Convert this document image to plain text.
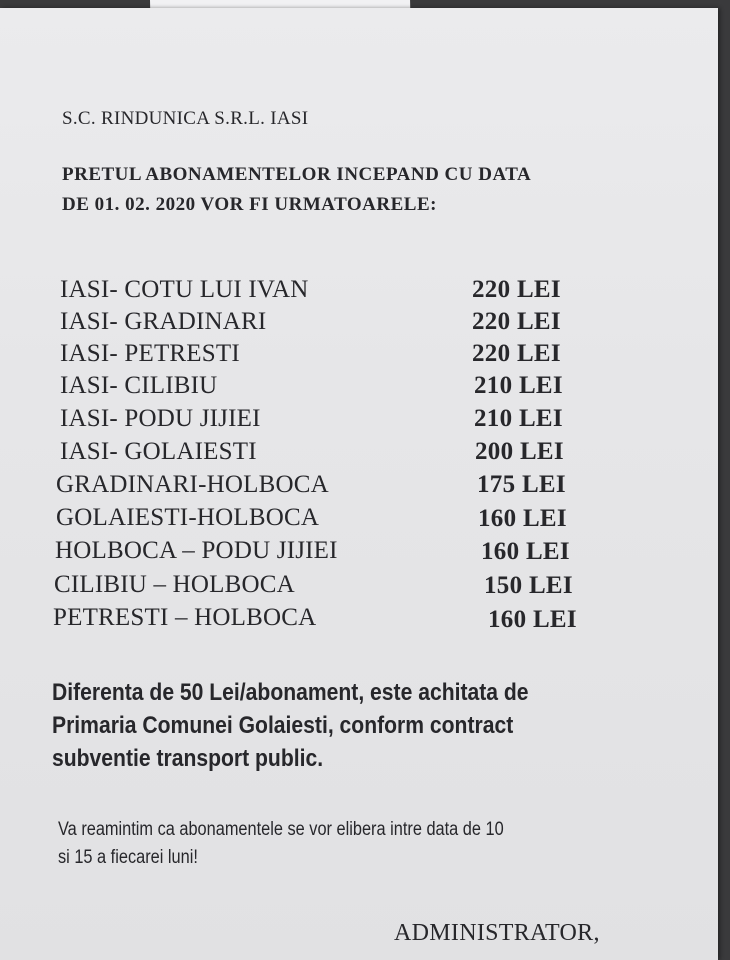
S.C. RINDUNICA S.R.L. IASI
PRETUL ABONAMENTELOR INCEPAND CU DATA
DE 01. 02. 2020 VOR FI URMATOARELE:
IASI- COTU LUI IVAN	220 LEI
IASI- GRADINARI	220 LEI
IASI- PETRESTI	220 LEI
IASI- CILIBIU	210 LEI
IASI- PODU JIJIEI	210 LEI
IASI- GOLAIESTI	200 LEI
GRADINARI-HOLBOCA	175 LEI
GOLAIESTI-HOLBOCA	160 LEI
HOLBOCA – PODU JIJIEI	160 LEI
CILIBIU – HOLBOCA	150 LEI
PETRESTI – HOLBOCA	160 LEI
Diferenta de 50 Lei/abonament, este achitata de
Primaria Comunei Golaiesti, conform contract
subventie transport public.
Va reamintim ca abonamentele se vor elibera intre data de 10
si 15 a fiecarei luni!
ADMINISTRATOR,
